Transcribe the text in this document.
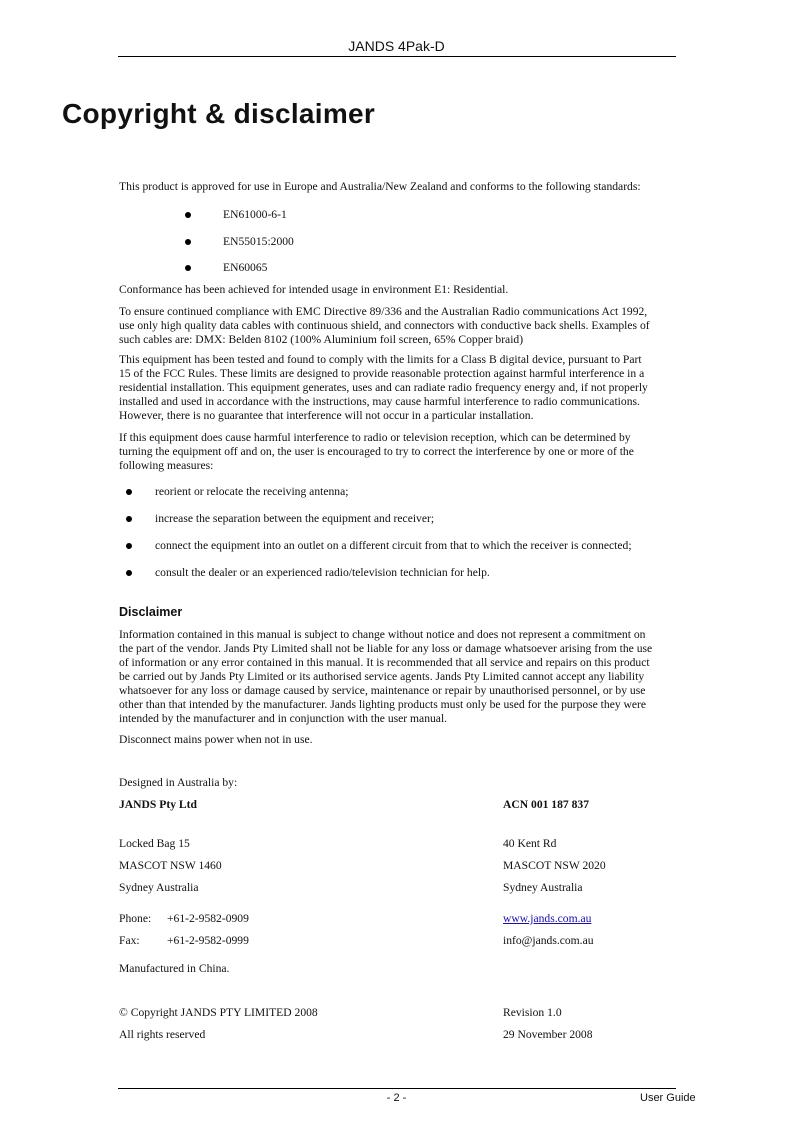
JANDS 4Pak-D
Copyright & disclaimer
This product is approved for use in Europe and Australia/New Zealand and conforms to the following standards:
EN61000-6-1
EN55015:2000
EN60065
Conformance has been achieved for intended usage in environment E1: Residential.
To ensure continued compliance with EMC Directive 89/336 and the Australian Radio communications Act 1992,
use only high quality data cables with continuous shield, and connectors with conductive back shells. Examples of
such cables are: DMX: Belden 8102 (100% Aluminium foil screen, 65% Copper braid)
This equipment has been tested and found to comply with the limits for a Class B digital device, pursuant to Part
15 of the FCC Rules. These limits are designed to provide reasonable protection against harmful interference in a
residential installation. This equipment generates, uses and can radiate radio frequency energy and, if not properly
installed and used in accordance with the instructions, may cause harmful interference to radio communications.
However, there is no guarantee that interference will not occur in a particular installation.
If this equipment does cause harmful interference to radio or television reception, which can be determined by
turning the equipment off and on, the user is encouraged to try to correct the interference by one or more of the
following measures:
reorient or relocate the receiving antenna;
increase the separation between the equipment and receiver;
connect the equipment into an outlet on a different circuit from that to which the receiver is connected;
consult the dealer or an experienced radio/television technician for help.
Disclaimer
Information contained in this manual is subject to change without notice and does not represent a commitment on
the part of the vendor. Jands Pty Limited shall not be liable for any loss or damage whatsoever arising from the use
of information or any error contained in this manual. It is recommended that all service and repairs on this product
be carried out by Jands Pty Limited or its authorised service agents. Jands Pty Limited cannot accept any liability
whatsoever for any loss or damage caused by service, maintenance or repair by unauthorised personnel, or by use
other than that intended by the manufacturer. Jands lighting products must only be used for the purpose they were
intended by the manufacturer and in conjunction with the user manual.
Disconnect mains power when not in use.
Designed in Australia by:
JANDS Pty Ltd	ACN 001 187 837
Locked Bag 15
MASCOT NSW 1460
Sydney Australia
40 Kent Rd
MASCOT NSW 2020
Sydney Australia
Phone: +61-2-9582-0909
Fax: +61-2-9582-0999
www.jands.com.au
info@jands.com.au
Manufactured in China.
© Copyright JANDS PTY LIMITED 2008
All rights reserved
Revision 1.0
29 November 2008
- 2 -	User Guide
